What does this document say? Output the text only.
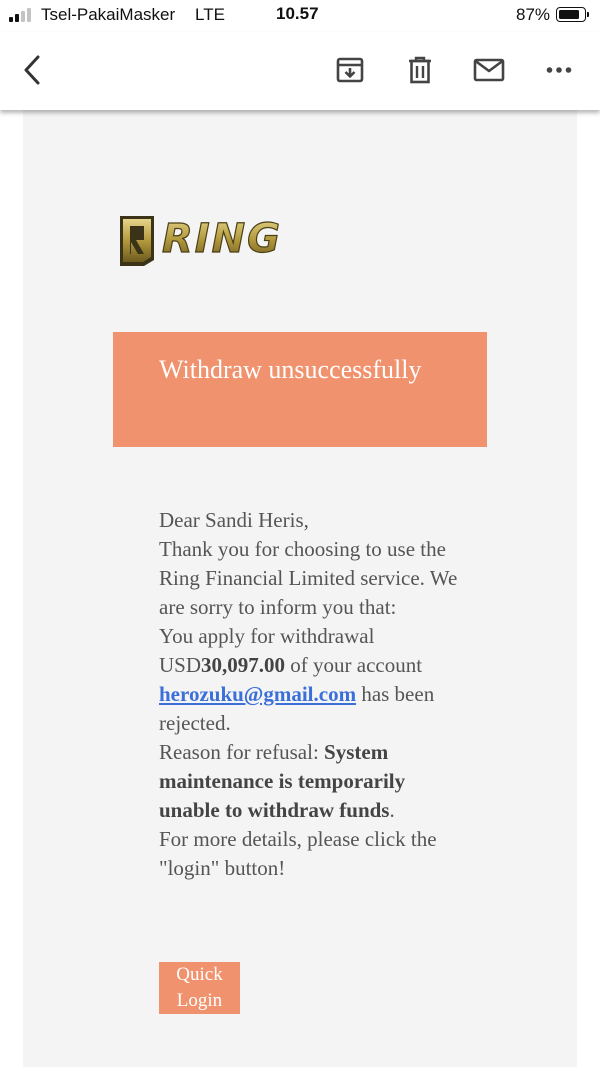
Tsel-PakaiMasker LTE	10.57	87%
RING
Withdraw unsuccessfully

Dear Sandi Heris,

Thank you for choosing to use the Ring Financial Limited service. We are sorry to inform you that:

You apply for withdrawal USD30,097.00 of your account herozuku@gmail.com has been rejected.

Reason for refusal: System maintenance is temporarily unable to withdraw funds.

For more details, please click the "login" button!

Quick Login
